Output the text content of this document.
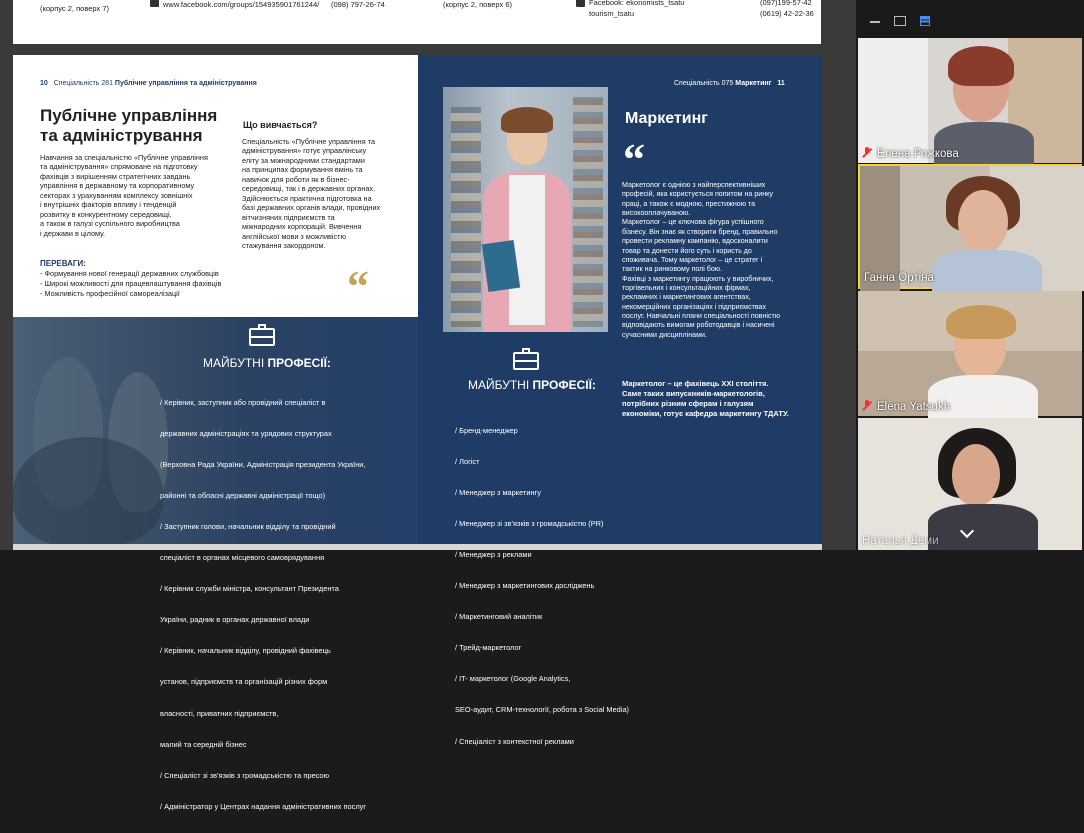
(корпус 2, поверх 7)	www.facebook.com/groups/154935901761244/ (098) 797-26-74	(корпус 2, поверх 6)	Facebook: ekonomists_tsatu
tourism_tsatu
(097)199-57-42
(0619) 42-22-36
10 Спеціальність 281 Публічне управління та адміністрування
Публічне управління
та адміністрування
Навчання за спеціальністю «Публічне управління
та адміністрування» спрямоване на підготовку
фахівців з вирішенням стратегічних завдань
управління в державному та корпоративному
секторах з урахуванням комплексу зовнішніх
і внутрішніх факторів впливу і тенденцій
розвитку в конкурентному середовищі,
а також в галузі суспільного виробництва
і держави в цілому.
Що вивчається?
Спеціальність «Публічне управління та
адміністрування» готує управлінську
еліту за міжнародними стандартами
на принципах формування вмінь та
навичок для роботи як в бізнес-
середовищі, так і в державних органах.
Здійснюється практична підготовка на
базі державних органів влади, провідних
вітчизняних підприємств та
міжнародних корпорацій. Вивчення
англійської мови з можливістю
стажування закордоном.
ПЕРЕВАГИ:
- Формування нової генерації державних службовців
- Широкі можливості для працевлаштування фахівців
- Можливість професійної самореалізації	“
МАЙБУТНІ ПРОФЕСІЇ:

/ Керівник, заступник або провідний спеціаліст в

державних адміністраціях та урядових структурах

(Верховна Рада України, Адміністрація президента України,

районні та обласні державні адміністрації тощо)

/ Заступник голови, начальник відділу та провідний

спеціаліст в органах місцевого самоврядування

/ Керівник служби міністра, консультант Президента

України, радник в органах державної влади

/ Керівник, начальник відділу, провідний фахівець

установ, підприємств та організацій різних форм

власності, приватних підприємств,

малий та середній бізнес

/ Спеціаліст зі зв’язків з громадськістю та пресою

/ Адміністратор у Центрах надання адміністративних послуг

Спеціальність 075 Маркетинг 11
Маркетинг
“
Маркетолог є однією з найперспективніших
професій, яка користується попитом на ринку
праці, а також є модною, престижною та
високооплачуваною.
Маркетолог – це ключова фігура успішного
бізнесу. Він знає як створити бренд, правильно
провести рекламну кампанію, вдосконалити
товар та донести його суть і користь до
споживача. Тому маркетолог – це стратег і
тактик на ринковому полі бою.
Фахівці з маркетингу працюють у виробничих,
торгівельних і консультаційних фірмах,
рекламних і маркетингових агентствах,
некомерційних організаціях і підприємствах
послуг. Навчальні плани спеціальності повністю
відповідають вимогам роботодавців і насичені
сучасними дисциплінами.
Маркетолог – це фахівець XXI століття.
Саме таких випускників-маркетологів,
потрібних різним сферам і галузям
економіки, готує кафедра маркетингу ТДАТУ.
МАЙБУТНІ ПРОФЕСІЇ:

/ Бренд-менеджер

/ Логіст

/ Менеджер з маркетингу

/ Менеджер зі зв’язків з громадськістю (PR)

/ Менеджер з реклами

/ Менеджер з маркетингових досліджень

/ Маркетинговий аналітик

/ Трейд-маркетолог

/ IT- маркетолог (Google Analytics,

SEO-аудит, CRM-технології, робота з Social Media)

/ Спеціаліст з контекстної реклами

Елена Рожкова
Ганна Ортіна
Elena Yatsukh
Наталья Деми
